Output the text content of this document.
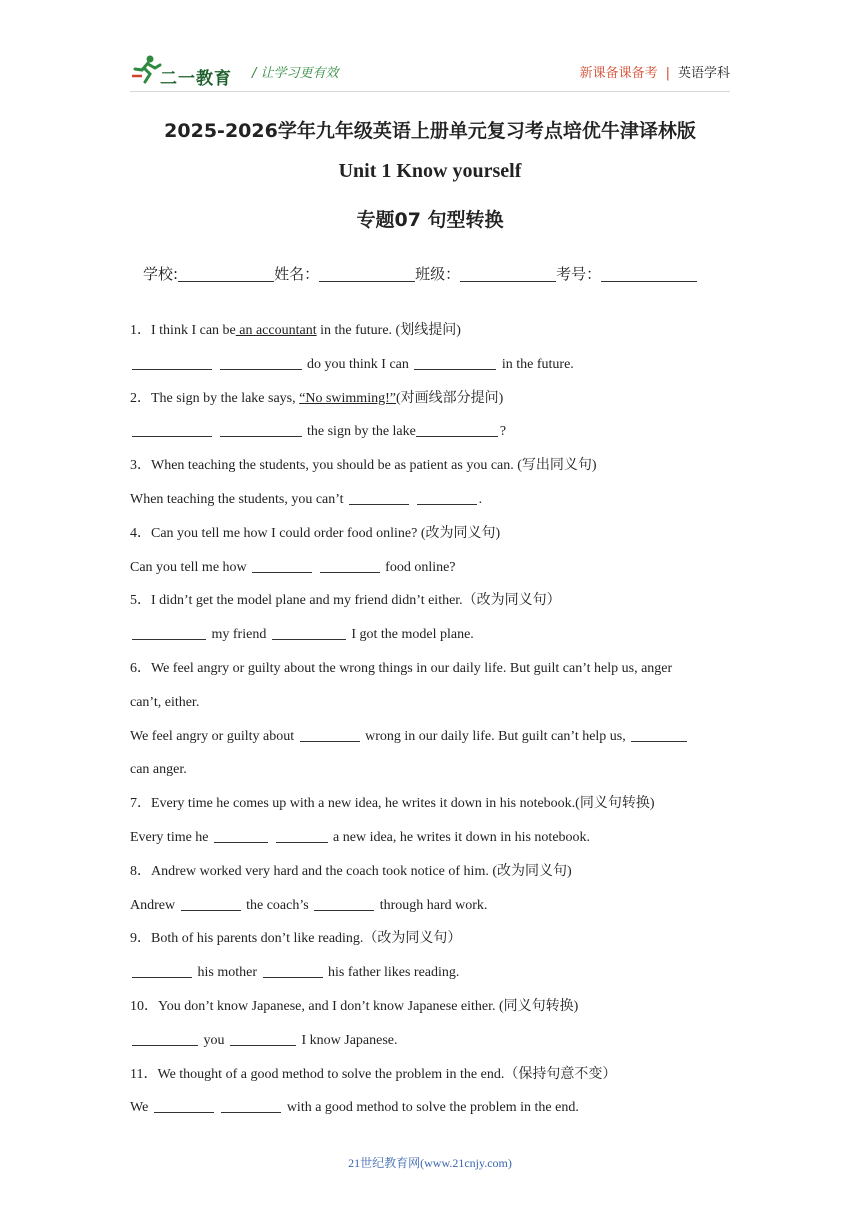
二一教育 / 让学习更有效	新课备课备考 | 英语学科
2025-2026学年九年级英语上册单元复习考点培优牛津译林版
Unit 1 Know yourself
专题07 句型转换
学校:	姓名：	班级：	考号：
1．I think I can be an accountant in the future. (划线提问)
do you think I can	in the future.
2．The sign by the lake says, “No swimming!”(对画线部分提问)
the sign by the lake	?
3．When teaching the students, you should be as patient as you can. (写出同义句)
When teaching the students, you can’t	.
4．Can you tell me how I could order food online? (改为同义句)
Can you tell me how	food online?
5．I didn’t get the model plane and my friend didn’t either.（改为同义句）
my friend	I got the model plane.
6．We feel angry or guilty about the wrong things in our daily life. But guilt can’t help us, anger
can’t, either.
We feel angry or guilty about	wrong in our daily life. But guilt can’t help us,
can anger.
7．Every time he comes up with a new idea, he writes it down in his notebook.(同义句转换)
Every time he	a new idea, he writes it down in his notebook.
8．Andrew worked very hard and the coach took notice of him. (改为同义句)
Andrew	the coach’s	through hard work.
9．Both of his parents don’t like reading.（改为同义句）
his mother	his father likes reading.
10．You don’t know Japanese, and I don’t know Japanese either. (同义句转换)
you	I know Japanese.
11．We thought of a good method to solve the problem in the end.（保持句意不变）
We	with a good method to solve the problem in the end.
21世纪教育网(www.21cnjy.com)
